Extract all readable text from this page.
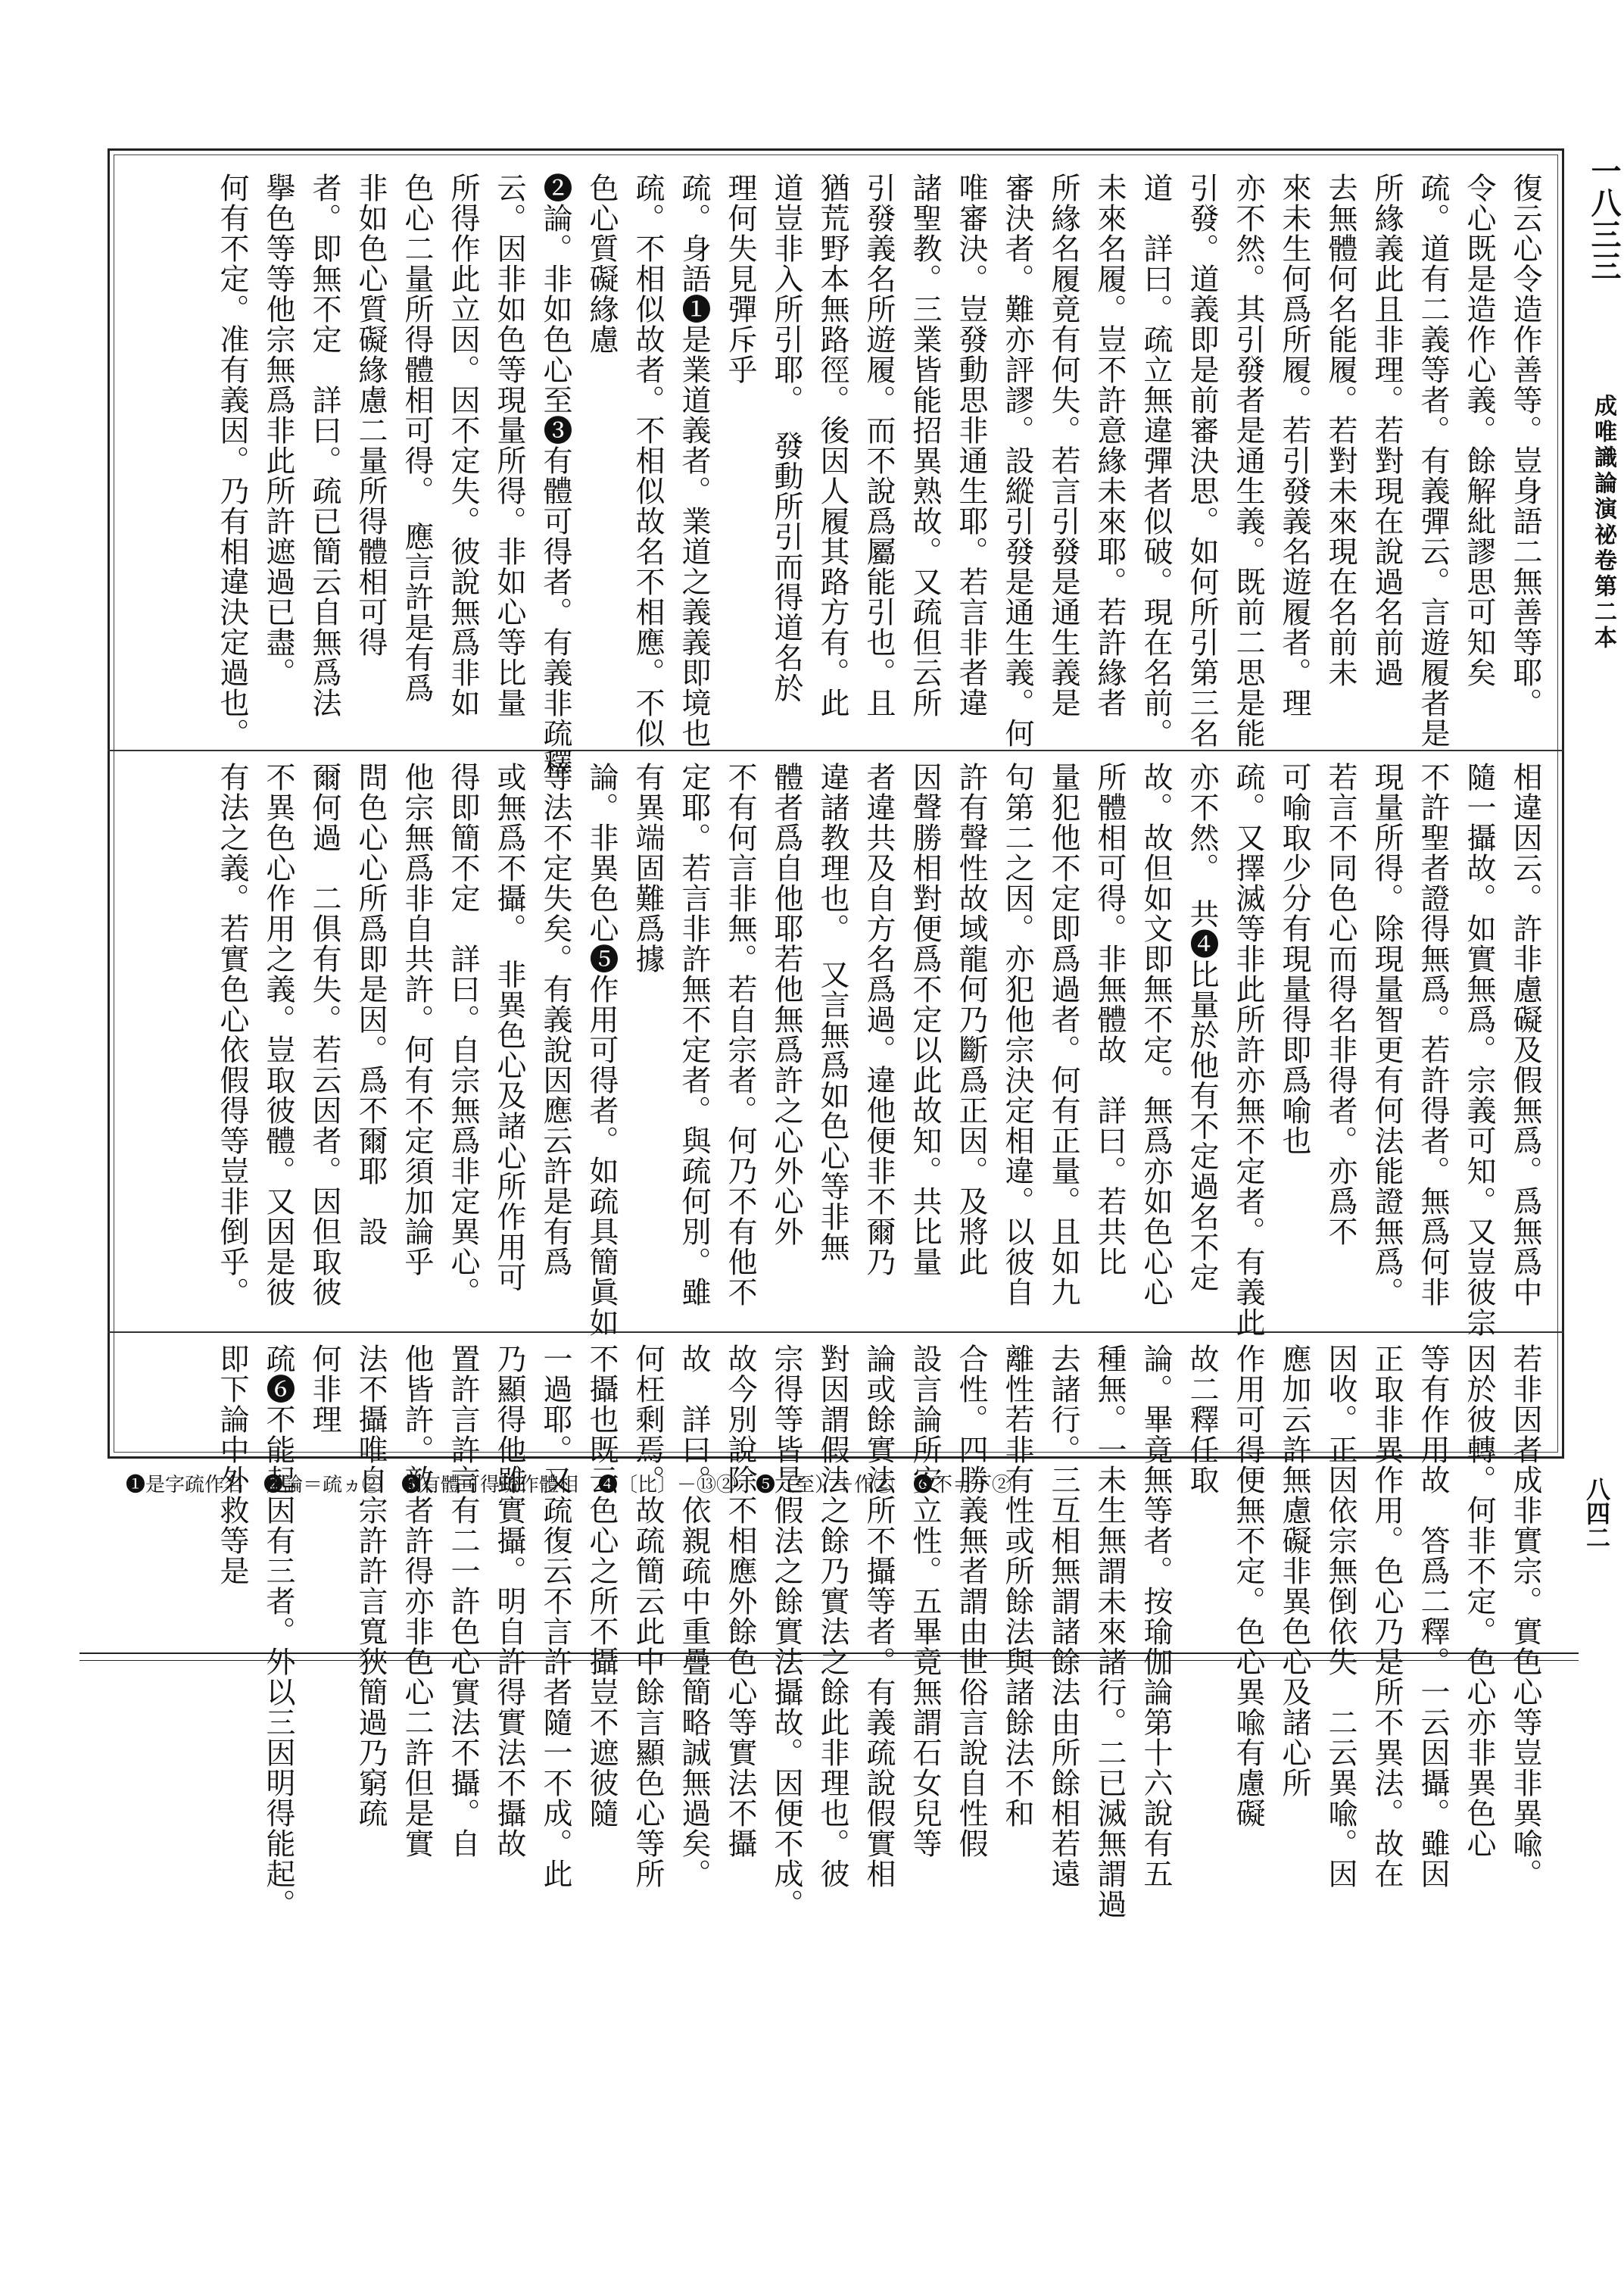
一八三三
成唯識論演祕卷第二本
八四二
復云心令造作善等。豈身語二無善等耶。
令心既是造作心義。餘解紕謬思可知矣
疏。道有二義等者。有義彈云。言遊履者是
所緣義此且非理。若對現在說過名前過
去無體何名能履。若對未來現在名前未
來未生何爲所履。若引發義名遊履者。理
亦不然。其引發者是通生義。既前二思是能
引發。道義即是前審決思。如何所引第三名
道　詳曰。疏立無違彈者似破。現在名前。
未來名履。豈不許意緣未來耶。若許緣者
所緣名履竟有何失。若言引發是通生義是
審決者。難亦評謬。設縱引發是通生義。何
唯審決。豈發動思非通生耶。若言非者違
諸聖教。三業皆能招異熟故。又疏但云所
引發義名所遊履。而不說爲屬能引也。且
猶荒野本無路徑。後因人履其路方有。此
道豈非入所引耶。　發動所引而得道名於
理何失見彈斥乎
疏。身語❶是業道義者。業道之義義即境也
疏。不相似故者。不相似故名不相應。不似
色心質礙緣慮
❷論。非如色心至❸有體可得者。有義非疏釋
云。因非如色等現量所得。非如心等比量
所得作此立因。因不定失。彼說無爲非如
色心二量所得體相可得。　應言許是有爲
非如色心質礙緣慮二量所得體相可得
者。即無不定　詳曰。疏已簡云自無爲法
擧色等等他宗無爲非此所許遮過已盡。
何有不定。准有義因。乃有相違決定過也。
相違因云。許非慮礙及假無爲。爲無爲中
隨一攝故。如實無爲。宗義可知。又豈彼宗
不許聖者證得無爲。若許得者。無爲何非
現量所得。除現量智更有何法能證無爲。
若言不同色心而得名非得者。亦爲不
可喻取少分有現量得即爲喻也
疏。又擇滅等非此所許亦無不定者。有義此
亦不然。　共❹比量於他有不定過名不定
故。故但如文即無不定。無爲亦如色心心
所體相可得。非無體故　詳曰。若共比
量犯他不定即爲過者。何有正量。且如九
句第二之因。亦犯他宗決定相違。以彼自
許有聲性故域龍何乃斷爲正因。及將此
因聲勝相對便爲不定以此故知。共比量
者違共及自方名爲過。違他便非不爾乃
違諸教理也。　又言無爲如色心等非無
體者爲自他耶若他無爲許之心外心外
不有何言非無。若自宗者。何乃不有他不
定耶。若言非許無不定者。與疏何別。雖
有異端固難爲據
論。非異色心❺作用可得者。如疏具簡眞如
等法不定失矣。有義說因應云許是有爲
或無爲不攝。　非異色心及諸心所作用可
得即簡不定　詳曰。自宗無爲非定異心。
他宗無爲非自共許。何有不定須加論乎
問色心心所爲即是因。爲不爾耶　設
爾何過　二俱有失。若云因者。因但取彼
不異色心作用之義。豈取彼體。又因是彼
有法之義。若實色心依假得等豈非倒乎。
若非因者成非實宗。實色心等豈非異喩。
因於彼轉。何非不定。色心亦非異色心
等有作用故　答爲二釋。一云因攝。雖因
正取非異作用。色心乃是所不異法。故在
因收。正因依宗無倒依失　二云異喩。因
應加云許無慮礙非異色心及諸心所
作用可得便無不定。色心異喩有慮礙
故二釋任取
論。畢竟無等者。按瑜伽論第十六說有五
種無。一未生無謂未來諸行。二已滅無謂過
去諸行。三互相無謂諸餘法由所餘相若遠
離性若非有性或所餘法與諸餘法不和
合性。四勝義無者謂由世俗言說自性假
設言論所安立性。五畢竟無謂石女兒等
論或餘實法所不攝等者。有義疏說假實相
對因謂假法之餘乃實法之餘此非理也。彼
宗得等皆是假法之餘實法攝故。因便不成。
故今別說除不相應外餘色心等實法不攝
故　詳曰。依親疏中重疊簡略誠無過矣。
何枉剩焉。故疏簡云此中餘言顯色心等所
不攝也既云色心之所不攝豈不遮彼隨
一過耶。又疏復云不言許者隨一不成。此
乃顯得他雖實攝。明自許得實法不攝故
置許言許言有二一許色心實法不攝。自
他皆許。敵者許得亦非色心二許但是實
法不攝唯自宗許許言寬狹簡過乃窮疏
何非理
疏❻不能起因有三者。外以三因明得能起。
即下論中外救等是
❶是字疏作名　❷論＝疏ヵ②　❸有體可得疏作體相　❹〔比〕－⑬②　❺（至）＋作②　❻不＝下②
